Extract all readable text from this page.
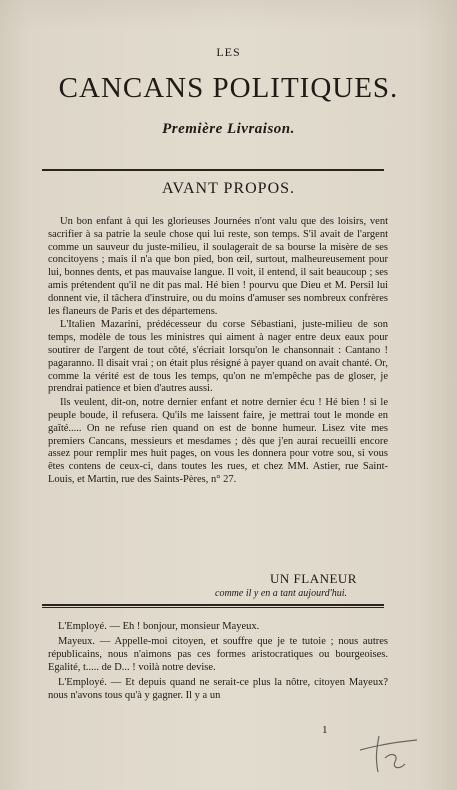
LES
CANCANS POLITIQUES.
Première Livraison.
AVANT PROPOS.

Un bon enfant à qui les glorieuses Journées n'ont valu que des loisirs, vent sacrifier à sa patrie la seule chose qui lui reste, son temps. S'il avait de l'argent comme un sauveur du juste-milieu, il soulagerait de sa bourse la misère de ses concitoyens ; mais il n'a que bon pied, bon œil, surtout, malheureusement pour lui, bonnes dents, et pas mauvaise langue. Il voit, il entend, il sait beaucoup ; ses amis prétendent qu'il ne dit pas mal. Hé bien ! pourvu que Dieu et M. Persil lui donnent vie, il tâchera d'instruire, ou du moins d'amuser ses nombreux confrères les flaneurs de Paris et des départemens.

L'Italien Mazarini, prédécesseur du corse Sébastiani, juste-milieu de son temps, modèle de tous les ministres qui aiment à nager entre deux eaux pour soutirer de l'argent de tout côté, s'écriait lorsqu'on le chansonnait : Cantano ! pagaranno. Il disait vrai ; on était plus résigné à payer quand on avait chanté. Or, comme la vérité est de tous les temps, qu'on ne m'empêche pas de gloser, je prendrai patience et bien d'autres aussi.

Ils veulent, dit-on, notre dernier enfant et notre dernier écu ! Hé bien ! si le peuple boude, il refusera. Qu'ils me laissent faire, je mettrai tout le monde en gaîté..... On ne refuse rien quand on est de bonne humeur. Lisez vite mes premiers Cancans, messieurs et mesdames ; dès que j'en aurai recueilli encore assez pour remplir mes huit pages, on vous les donnera pour votre sou, si vous êtes contens de ceux-ci, dans toutes les rues, et chez MM. Astier, rue Saint-Louis, et Martin, rue des Saints-Pères, n° 27.

UN FLANEUR
comme il y en a tant aujourd'hui.

L'Employé. — Eh ! bonjour, monsieur Mayeux.

Mayeux. — Appelle-moi citoyen, et souffre que je te tutoie ; nous autres républicains, nous n'aimons pas ces formes aristocratiques ou bourgeoises. Egalité, t..... de D... ! voilà notre devise.

L'Employé. — Et depuis quand ne serait-ce plus la nôtre, citoyen Mayeux? nous n'avons tous qu'à y gagner. Il y a un

1
